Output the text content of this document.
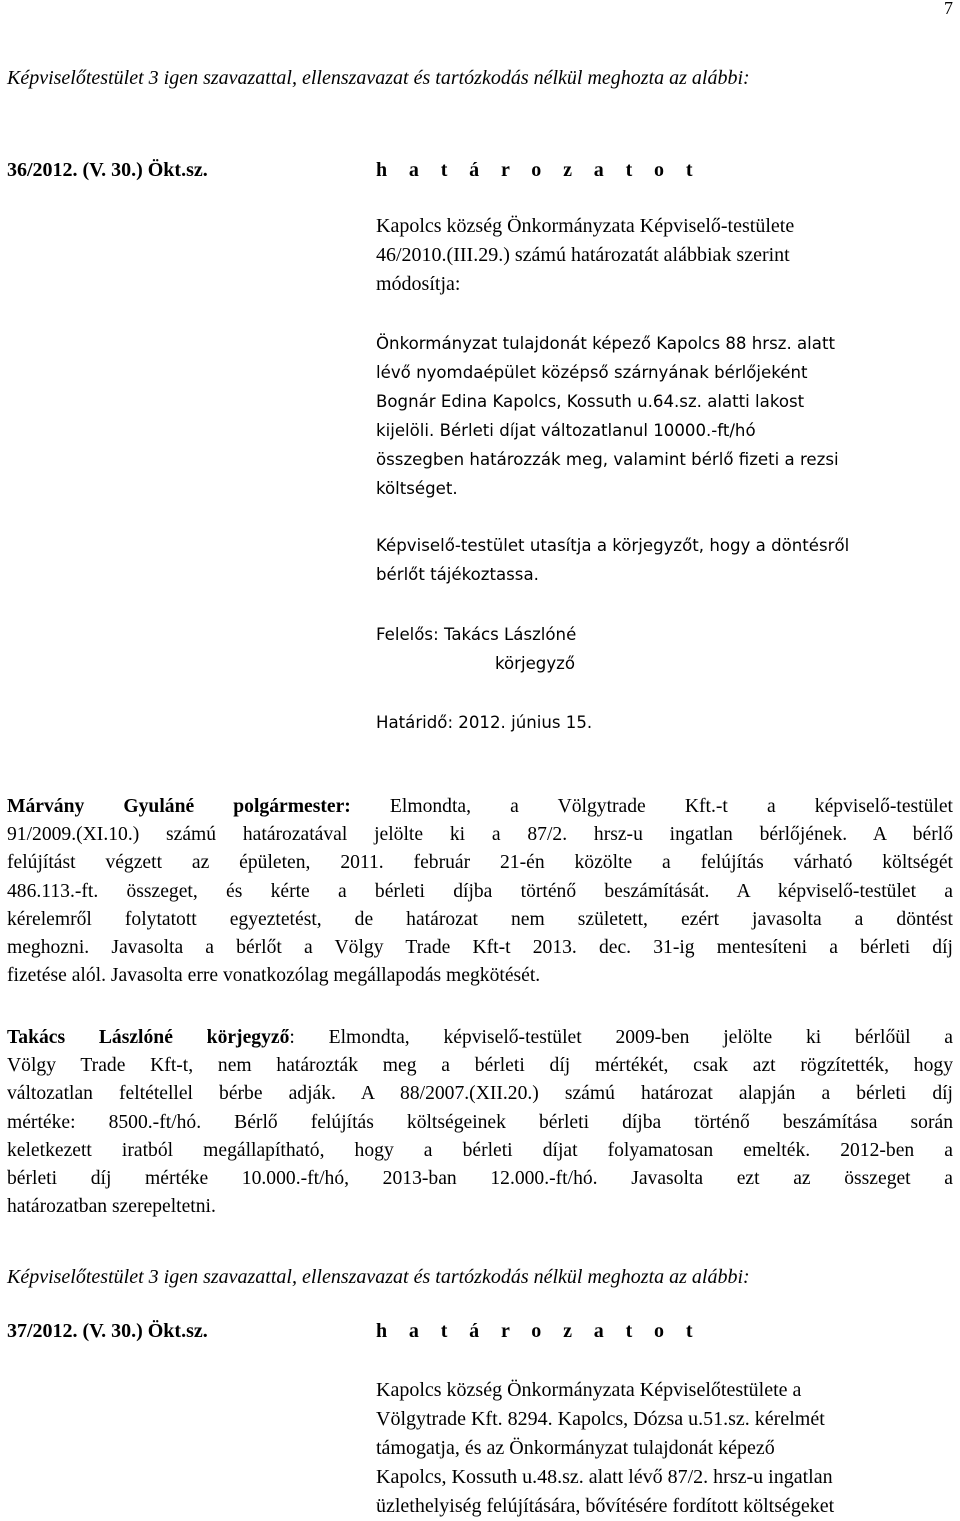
7
Képviselőtestület 3 igen szavazattal, ellenszavazat és tartózkodás nélkül meghozta az alábbi:
36/2012. (V. 30.) Ökt.sz.	h a t á r o z a t o t
Kapolcs község Önkormányzata Képviselő-testülete
46/2010.(III.29.) számú határozatát alábbiak szerint
módosítja:
Önkormányzat tulajdonát képező Kapolcs 88 hrsz. alatt
lévő nyomdaépület középső szárnyának bérlőjeként
Bognár Edina Kapolcs, Kossuth u.64.sz. alatti lakost
kijelöli. Bérleti díjat változatlanul 10000.-ft/hó
összegben határozzák meg, valamint bérlő fizeti a rezsi
költséget.
Képviselő-testület utasítja a körjegyzőt, hogy a döntésről
bérlőt tájékoztassa.
Felelős: Takács Lászlóné
körjegyző
Határidő: 2012. június 15.
Márvány Gyuláné polgármester: Elmondta, a Völgytrade Kft.-t a képviselő-testület
91/2009.(XI.10.) számú határozatával jelölte ki a 87/2. hrsz-u ingatlan bérlőjének. A bérlő
felújítást végzett az épületen, 2011. február 21-én közölte a felújítás várható költségét
486.113.-ft. összeget, és kérte a bérleti díjba történő beszámítását. A képviselő-testület a
kérelemről folytatott egyeztetést, de határozat nem született, ezért javasolta a döntést
meghozni. Javasolta a bérlőt a Völgy Trade Kft-t 2013. dec. 31-ig mentesíteni a bérleti díj
fizetése alól. Javasolta erre vonatkozólag megállapodás megkötését.
Takács Lászlóné körjegyző: Elmondta, képviselő-testület 2009-ben jelölte ki bérlőül a
Völgy Trade Kft-t, nem határozták meg a bérleti díj mértékét, csak azt rögzítették, hogy
változatlan feltétellel bérbe adják. A 88/2007.(XII.20.) számú határozat alapján a bérleti díj
mértéke: 8500.-ft/hó. Bérlő felújítás költségeinek bérleti díjba történő beszámítása során
keletkezett iratból megállapítható, hogy a bérleti díjat folyamatosan emelték. 2012-ben a
bérleti díj mértéke 10.000.-ft/hó, 2013-ban 12.000.-ft/hó. Javasolta ezt az összeget a
határozatban szerepeltetni.
Képviselőtestület 3 igen szavazattal, ellenszavazat és tartózkodás nélkül meghozta az alábbi:
37/2012. (V. 30.) Ökt.sz.	h a t á r o z a t o t
Kapolcs község Önkormányzata Képviselőtestülete a
Völgytrade Kft. 8294. Kapolcs, Dózsa u.51.sz. kérelmét
támogatja, és az Önkormányzat tulajdonát képező
Kapolcs, Kossuth u.48.sz. alatt lévő 87/2. hrsz-u ingatlan
üzlethelyiség felújítására, bővítésére fordított költségeket
